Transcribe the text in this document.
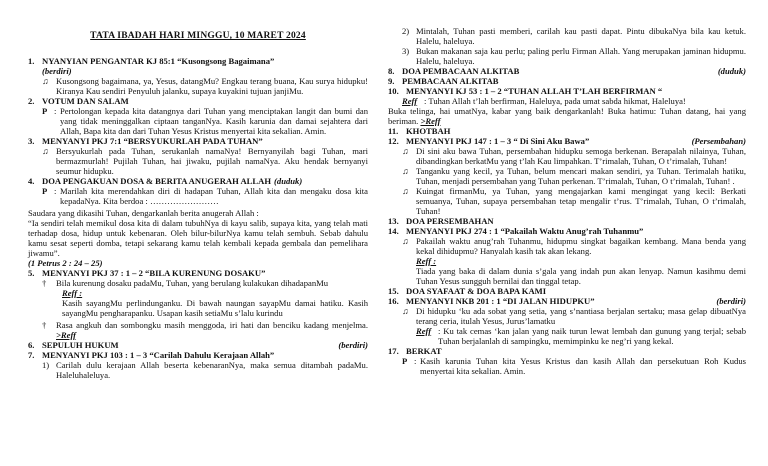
TATA IBADAH HARI MINGGU, 10 MARET 2024
1. NYANYIAN PENGANTAR KJ 85:1 “Kusongsong Bagaimana”
(berdiri)
♫ Kusongsong bagaimana, ya, Yesus, datangMu? Engkau terang buana, Kau surya hidupku! Kiranya Kau sendiri Penyuluh jalanku, supaya kuyakini tujuan janjiMu.
2. VOTUM DAN SALAM
P : Pertolongan kepada kita datangnya dari Tuhan yang menciptakan langit dan bumi dan yang tidak meninggalkan ciptaan tanganNya. Kasih karunia dan damai sejahtera dari Allah, Bapa kita dan dari Tuhan Yesus Kristus menyertai kita sekalian. Amin.
3. MENYANYI PKJ 7:1 “BERSYUKURLAH PADA TUHAN”
♫ Bersyukurlah pada Tuhan, serukanlah namaNya! Bernyanyilah bagi Tuhan, mari bermazmurlah! Pujilah Tuhan, hai jiwaku, pujilah namaNya. Aku hendak bernyanyi seumur hidupku.
4. DOA PENGAKUAN DOSA & BERITA ANUGERAH ALLAH (duduk)
P : Marilah kita merendahkan diri di hadapan Tuhan, Allah kita dan mengaku dosa kita kepadaNya. Kita berdoa : ……………………
Saudara yang dikasihi Tuhan, dengarkanlah berita anugerah Allah :
“Ia sendiri telah memikul dosa kita di dalam tubuhNya di kayu salib, supaya kita, yang telah mati terhadap dosa, hidup untuk kebenaran. Oleh bilur-bilurNya kamu telah sembuh. Sebab dahulu kamu sesat seperti domba, tetapi sekarang kamu telah kembali kepada gembala dan pemelihara jiwamu”.
(1 Petrus 2 : 24 – 25)
5. MENYANYI PKJ 37 : 1 – 2 “BILA KURENUNG DOSAKU”
†	Bila kurenung dosaku padaMu, Tuhan, yang berulang kulakukan dihadapanMu
Reff :
Kasih sayangMu perlindunganku. Di bawah naungan sayapMu damai hatiku. Kasih sayangMu pengharapanku. Usapan kasih setiaMu s’lalu kurindu
†	Rasa angkuh dan sombongku masih menggoda, iri hati dan benciku kadang menjelma. >Reff
6. SEPULUH HUKUM	(berdiri)
7. MENYANYI PKJ 103 : 1 – 3 “Carilah Dahulu Kerajaan Allah”
1) Carilah dulu kerajaan Allah beserta kebenaranNya, maka semua ditambah padaMu. Haleluhaleluya.
2) Mintalah, Tuhan pasti memberi, carilah kau pasti dapat. Pintu dibukaNya bila kau ketuk. Halelu, haleluya.
3) Bukan makanan saja kau perlu; paling perlu Firman Allah. Yang merupakan jaminan hidupmu. Halelu, haleluya.
8. DOA PEMBACAAN ALKITAB	(duduk)
9. PEMBACAAN ALKITAB
10. MENYANYI KJ 53 : 1 – 2 “TUHAN ALLAH T’LAH BERFIRMAN “
Reff : Tuhan Allah t’lah berfirman, Haleluya, pada umat sabda hikmat, Haleluya!
Buka telinga, hai umatNya, kabar yang baik dengarkanlah! Buka hatimu: Tuhan datang, hai yang beriman. >Reff
11. KHOTBAH
12. MENYANYI PKJ 147 : 1 – 3 “ Di Sini Aku Bawa”	(Persembahan)
♫ Di sini aku bawa Tuhan, persembahan hidupku semoga berkenan. Berapalah nilainya, Tuhan, dibandingkan berkatMu yang t’lah Kau limpahkan. T’rimalah, Tuhan, O t’rimalah, Tuhan!
♫ Tanganku yang kecil, ya Tuhan, belum mencari makan sendiri, ya Tuhan. Terimalah hatiku, Tuhan, menjadi persembahan yang Tuhan perkenan. T’rimalah, Tuhan, O t’rimalah, Tuhan! .
♫ Kuingat firmanMu, ya Tuhan, yang mengajarkan kami mengingat yang kecil: Berkati semuanya, Tuhan, supaya persembahan tetap mengalir t’rus. T’rimalah, Tuhan, O t’rimalah, Tuhan!
13. DOA PERSEMBAHAN
14. MENYANYI PKJ 274 : 1 “Pakailah Waktu Anug’rah Tuhanmu”
♫ Pakailah waktu anug’rah Tuhanmu, hidupmu singkat bagaikan kembang. Mana benda yang kekal dihidupmu? Hanyalah kasih tak akan lekang.
Reff :
Tiada yang baka di dalam dunia s’gala yang indah pun akan lenyap. Namun kasihmu demi Tuhan Yesus sungguh bernilai dan tinggal tetap.
15. DOA SYAFAAT & DOA BAPA KAMI
16. MENYANYI NKB 201 : 1 “DI JALAN HIDUPKU”	(berdiri)
♫ Di hidupku ‘ku ada sobat yang setia, yang s’nantiasa berjalan sertaku; masa gelap dibuatNya terang ceria, itulah Yesus, Jurus’lamatku
Reff : Ku tak cemas ‘kan jalan yang naik turun lewat lembah dan gunung yang terjal; sebab Tuhan berjalanlah di sampingku, memimpinku ke neg’ri yang kekal.
17. BERKAT
P : Kasih karunia Tuhan kita Yesus Kristus dan kasih Allah dan persekutuan Roh Kudus menyertai kita sekalian. Amin.
